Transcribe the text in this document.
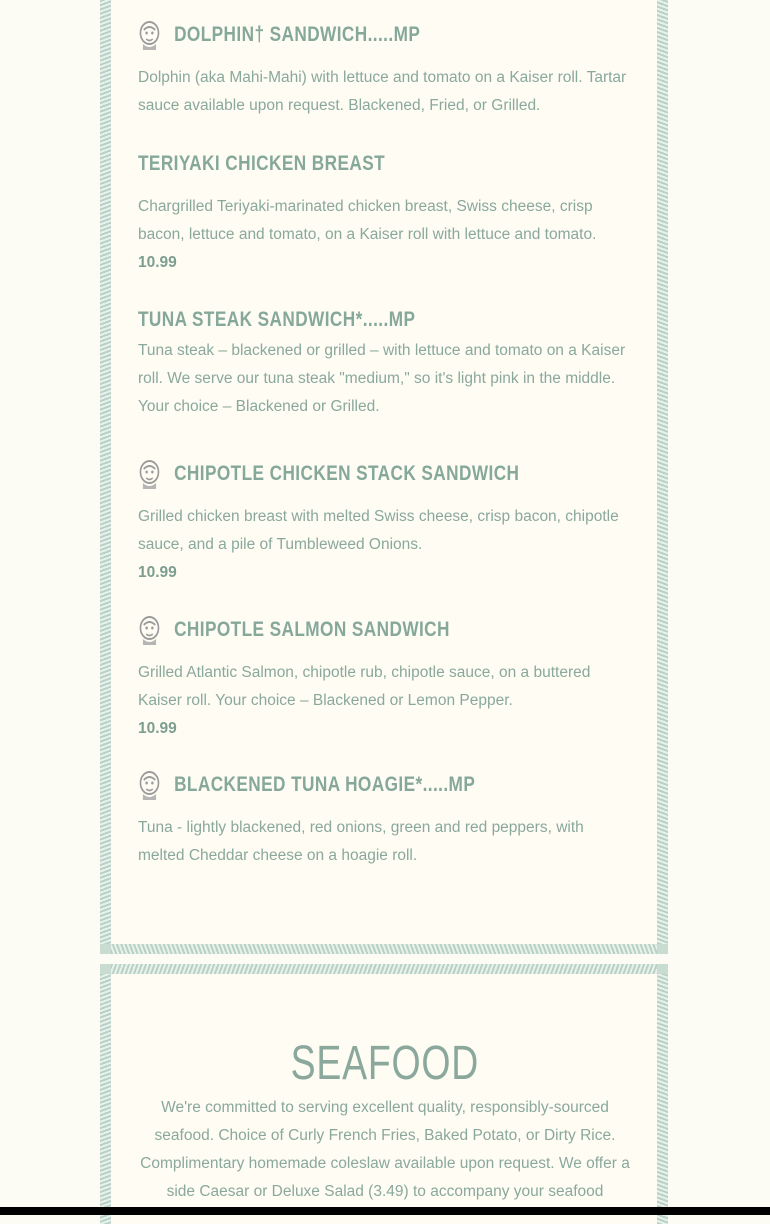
DOLPHIN† SANDWICH.....MP

Dolphin (aka Mahi-Mahi) with lettuce and tomato on a Kaiser roll. Tartar sauce available upon request. Blackened, Fried, or Grilled.

TERIYAKI CHICKEN BREAST

Chargrilled Teriyaki-marinated chicken breast, Swiss cheese, crisp bacon, lettuce and tomato, on a Kaiser roll with lettuce and tomato.

10.99
TUNA STEAK SANDWICH*.....MP

Tuna steak – blackened or grilled – with lettuce and tomato on a Kaiser roll. We serve our tuna steak "medium," so it's light pink in the middle. Your choice – Blackened or Grilled.

CHIPOTLE CHICKEN STACK SANDWICH

Grilled chicken breast with melted Swiss cheese, crisp bacon, chipotle sauce, and a pile of Tumbleweed Onions.

10.99
CHIPOTLE SALMON SANDWICH

Grilled Atlantic Salmon, chipotle rub, chipotle sauce, on a buttered Kaiser roll. Your choice – Blackened or Lemon Pepper.

10.99
BLACKENED TUNA HOAGIE*.....MP

Tuna - lightly blackened, red onions, green and red peppers, with melted Cheddar cheese on a hoagie roll.

SEAFOOD
We're committed to serving excellent quality, responsibly-sourced seafood. Choice of Curly French Fries, Baked Potato, or Dirty Rice. Complimentary homemade coleslaw available upon request. We offer a side Caesar or Deluxe Salad (3.49) to accompany your seafood
